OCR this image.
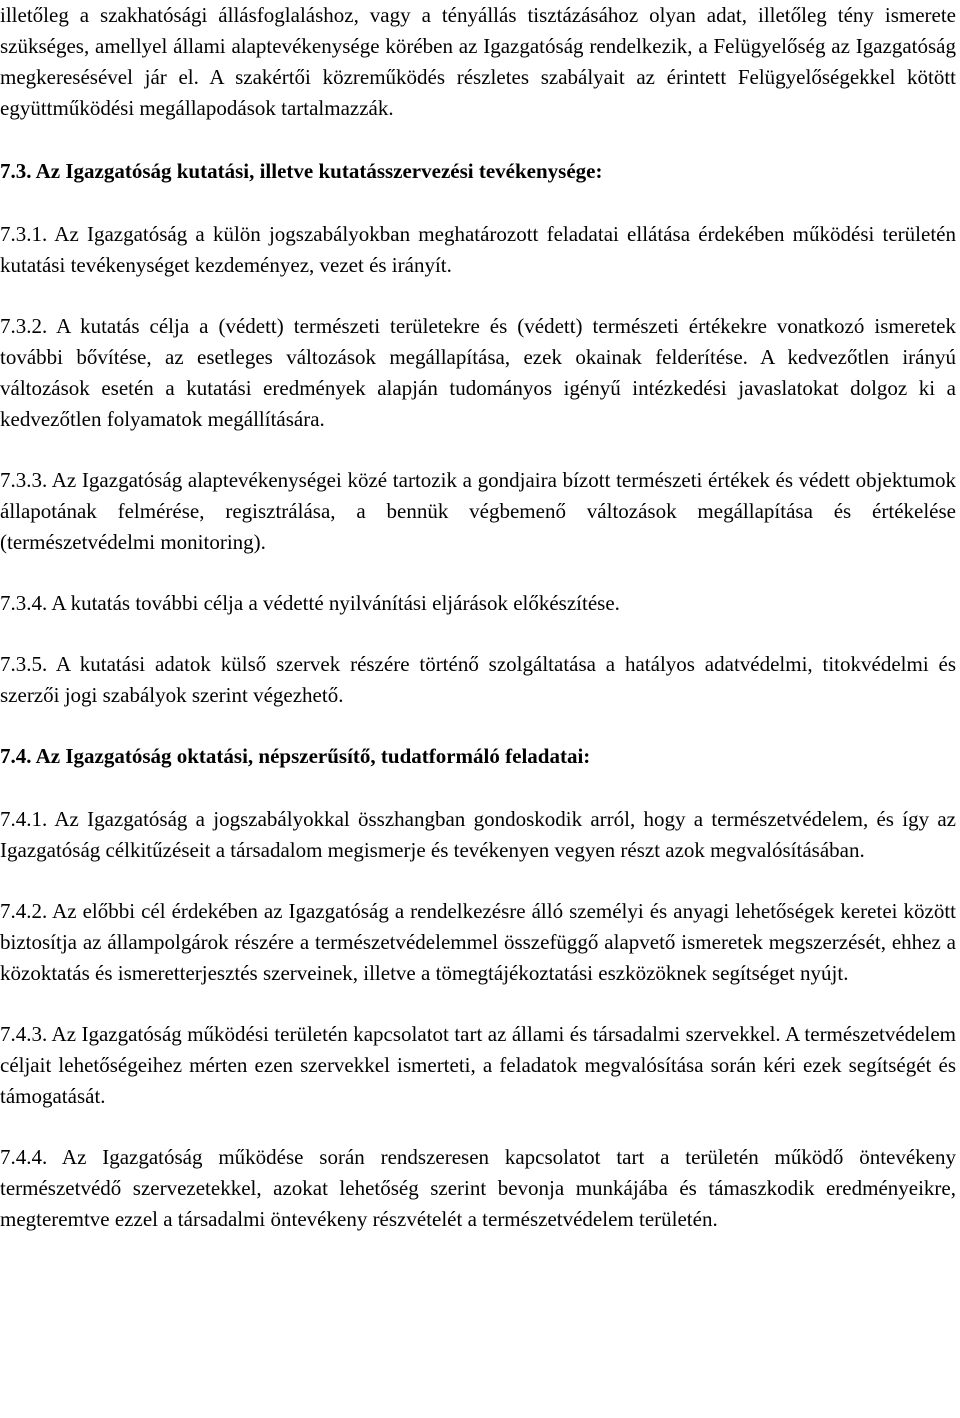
illetőleg a szakhatósági állásfoglaláshoz, vagy a tényállás tisztázásához olyan adat, illetőleg tény ismerete szükséges, amellyel állami alaptevékenysége körében az Igazgatóság rendelkezik, a Felügyelőség az Igazgatóság megkeresésével jár el. A szakértői közreműködés részletes szabályait az érintett Felügyelőségekkel kötött együttműködési megállapodások tartalmazzák.

7.3. Az Igazgatóság kutatási, illetve kutatásszervezési tevékenysége:

7.3.1. Az Igazgatóság a külön jogszabályokban meghatározott feladatai ellátása érdekében működési területén kutatási tevékenységet kezdeményez, vezet és irányít.

7.3.2. A kutatás célja a (védett) természeti területekre és (védett) természeti értékekre vonatkozó ismeretek további bővítése, az esetleges változások megállapítása, ezek okainak felderítése. A kedvezőtlen irányú változások esetén a kutatási eredmények alapján tudományos igényű intézkedési javaslatokat dolgoz ki a kedvezőtlen folyamatok megállítására.

7.3.3. Az Igazgatóság alaptevékenységei közé tartozik a gondjaira bízott természeti értékek és védett objektumok állapotának felmérése, regisztrálása, a bennük végbemenő változások megállapítása és értékelése (természetvédelmi monitoring).

7.3.4. A kutatás további célja a védetté nyilvánítási eljárások előkészítése.

7.3.5. A kutatási adatok külső szervek részére történő szolgáltatása a hatályos adatvédelmi, titokvédelmi és szerzői jogi szabályok szerint végezhető.

7.4. Az Igazgatóság oktatási, népszerűsítő, tudatformáló feladatai:

7.4.1. Az Igazgatóság a jogszabályokkal összhangban gondoskodik arról, hogy a természetvédelem, és így az Igazgatóság célkitűzéseit a társadalom megismerje és tevékenyen vegyen részt azok megvalósításában.

7.4.2. Az előbbi cél érdekében az Igazgatóság a rendelkezésre álló személyi és anyagi lehetőségek keretei között biztosítja az állampolgárok részére a természetvédelemmel összefüggő alapvető ismeretek megszerzését, ehhez a közoktatás és ismeretterjesztés szerveinek, illetve a tömegtájékoztatási eszközöknek segítséget nyújt.

7.4.3. Az Igazgatóság működési területén kapcsolatot tart az állami és társadalmi szervekkel. A természetvédelem céljait lehetőségeihez mérten ezen szervekkel ismerteti, a feladatok megvalósítása során kéri ezek segítségét és támogatását.

7.4.4. Az Igazgatóság működése során rendszeresen kapcsolatot tart a területén működő öntevékeny természetvédő szervezetekkel, azokat lehetőség szerint bevonja munkájába és támaszkodik eredményeikre, megteremtve ezzel a társadalmi öntevékeny részvételét a természetvédelem területén.
